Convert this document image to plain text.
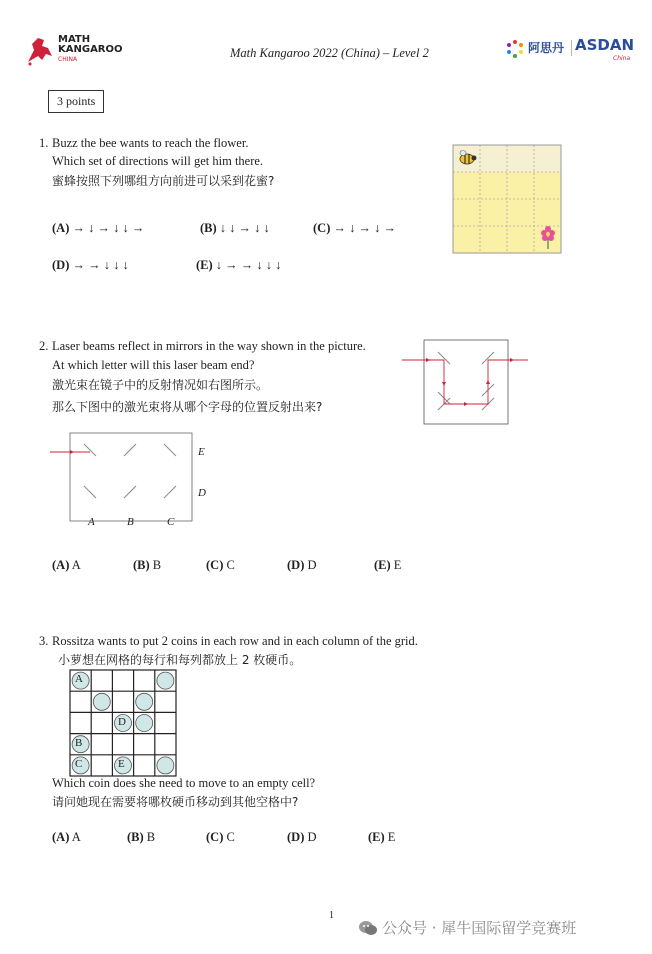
MATH
KANGAROO
CHINA	Math Kangaroo 2022 (China) – Level 2	阿思丹 ASDAN
China
3 points
1. Buzz the bee wants to reach the flower.
Which set of directions will get him there.
蜜蜂按照下列哪组方向前进可以采到花蜜?
(A) → ↓ → ↓ ↓ →	(B) ↓ ↓ → ↓ ↓	(C) → ↓ → ↓ →
(D) → → ↓ ↓ ↓	(E) ↓ → → ↓ ↓ ↓
2. Laser beams reflect in mirrors in the way shown in the picture.
At which letter will this laser beam end?
激光束在镜子中的反射情况如右图所示。
那么下图中的激光束将从哪个字母的位置反射出来?
E
D
A	B	C
(A) A	(B) B	(C) C	(D) D	(E) E
3. Rossitza wants to put 2 coins in each row and in each column of the grid.
小萝想在网格的每行和每列都放上 2 枚硬币。
A
D
B
C	E
Which coin does she need to move to an empty cell?
请问她现在需要将哪枚硬币移动到其他空格中?
(A) A	(B) B	(C) C	(D) D	(E) E
1
公众号 · 犀牛国际留学竞赛班
